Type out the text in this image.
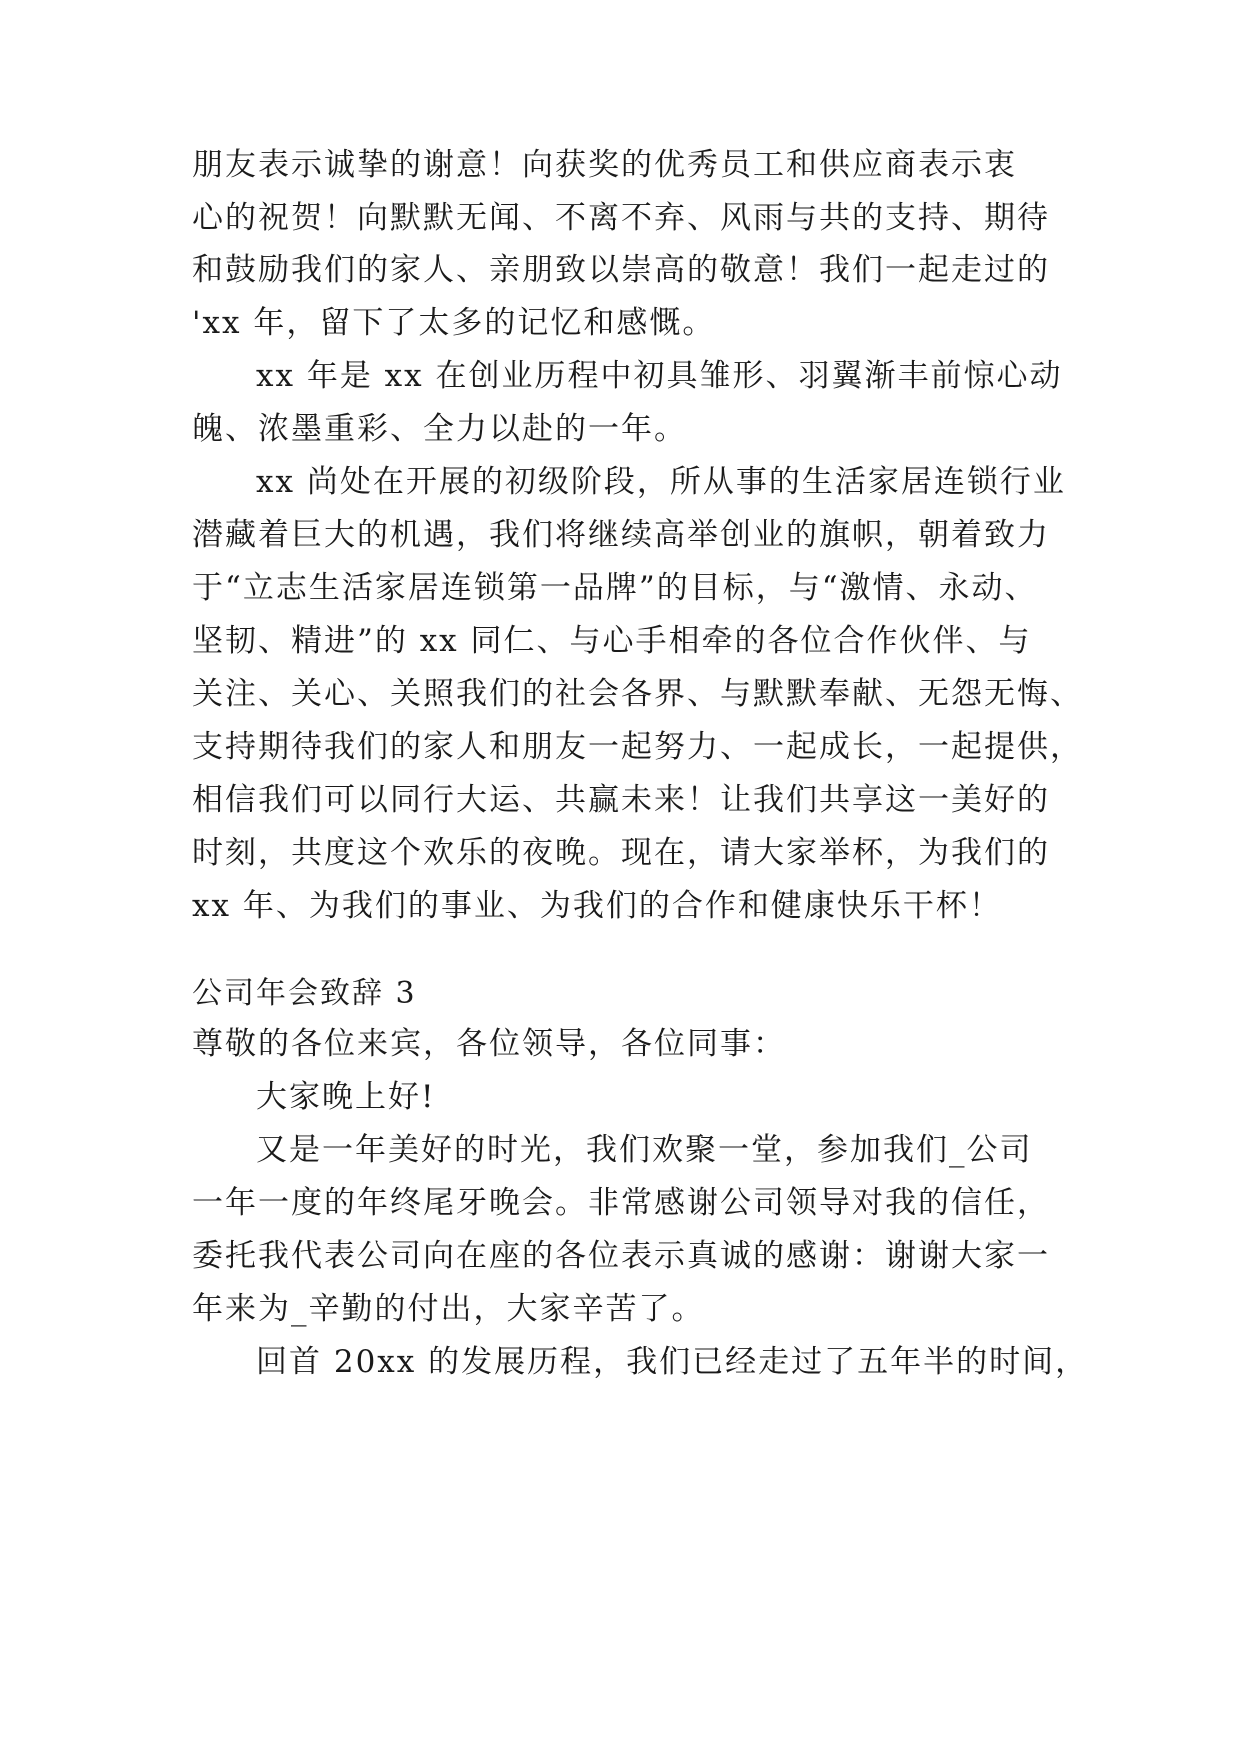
朋友表示诚挚的谢意！向获奖的优秀员工和供应商表示衷
心的祝贺！向默默无闻、不离不弃、风雨与共的支持、期待
和鼓励我们的家人、亲朋致以崇高的敬意！我们一起走过的
'xx 年，留下了太多的记忆和感慨。
xx 年是 xx 在创业历程中初具雏形、羽翼渐丰前惊心动
魄、浓墨重彩、全力以赴的一年。
xx 尚处在开展的初级阶段，所从事的生活家居连锁行业
潜藏着巨大的机遇，我们将继续高举创业的旗帜，朝着致力
于“立志生活家居连锁第一品牌”的目标，与“激情、永动、
坚韧、精进”的 xx 同仁、与心手相牵的各位合作伙伴、与
关注、关心、关照我们的社会各界、与默默奉献、无怨无悔、
支持期待我们的家人和朋友一起努力、一起成长，一起提供，
相信我们可以同行大运、共赢未来！让我们共享这一美好的
时刻，共度这个欢乐的夜晚。现在，请大家举杯，为我们的
xx 年、为我们的事业、为我们的合作和健康快乐干杯！
公司年会致辞 3
尊敬的各位来宾，各位领导，各位同事：
大家晚上好!
又是一年美好的时光，我们欢聚一堂，参加我们_公司
一年一度的年终尾牙晚会。非常感谢公司领导对我的信任，
委托我代表公司向在座的各位表示真诚的感谢：谢谢大家一
年来为_辛勤的付出，大家辛苦了。
回首 20xx 的发展历程，我们已经走过了五年半的时间，
